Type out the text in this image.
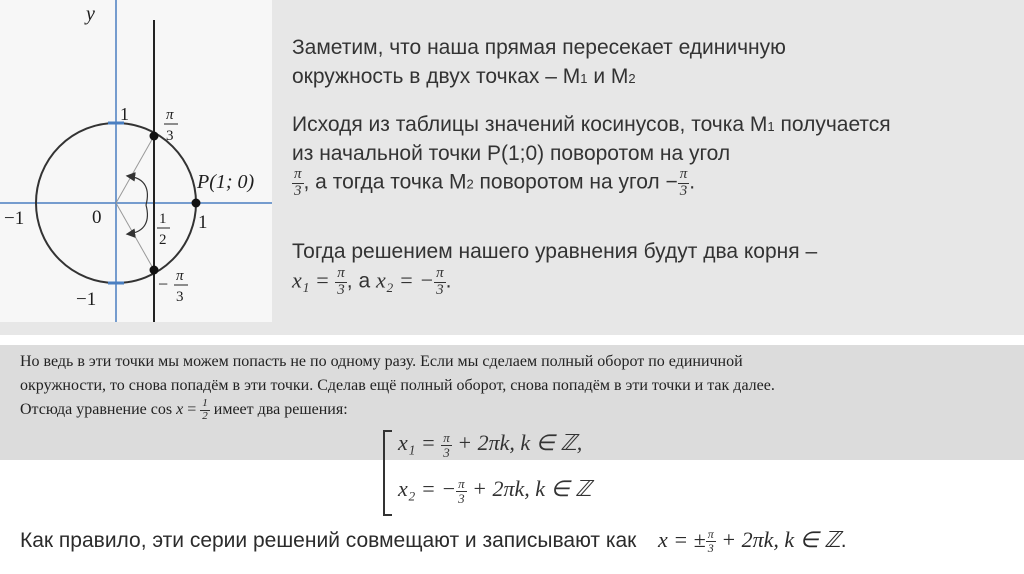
y
1 π
3
P(1; 0)
−1	0	1
1
2
− π
3
−1
Заметим, что наша прямая пересекает единичную
окружность в двух точках – М1 и М2
Исходя из таблицы значений косинусов, точка М1 получается
из начальной точки P(1;0) поворотом на угол
$\frac{\pi}{3}$ , а тогда точка М2 поворотом на угол − $\frac{\pi}{3}$ .
Тогда решением нашего уравнения будут два корня –
$x_1 = \frac{\pi}{3}$ , а x₂ = − $\frac{\pi}{3}$ .
Но ведь в эти точки мы можем попасть не по одному разу. Если мы сделаем полный оборот по единичной
окружности, то снова попадём в эти точки. Сделав ещё полный оборот, снова попадём в эти точки и так далее.
Отсюда уравнение $\cos x = \frac{1}{2}$ имеет два решения:
$x_1 = \frac{\pi}{3} + 2\pi k$, k ∈ ℤ,
x₂ = − $\frac{\pi}{3} + 2\pi k$, k ∈ ℤ
Как правило, эти серии решений совмещают и записывают как x = ± $\frac{\pi}{3} + 2\pi k$, k ∈ ℤ.
